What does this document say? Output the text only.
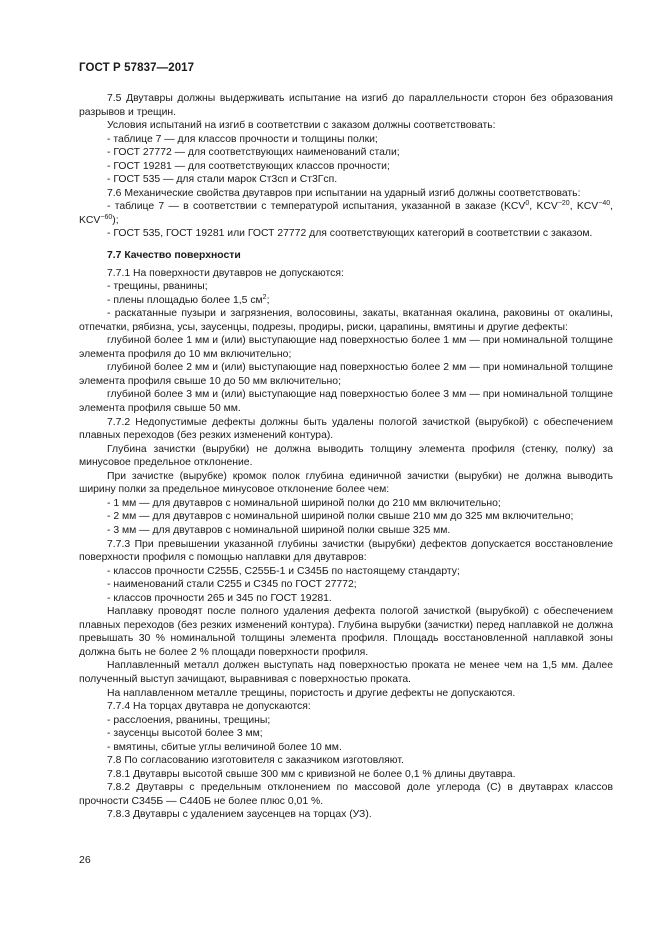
ГОСТ Р 57837—2017

7.5 Двутавры должны выдерживать испытание на изгиб до параллельности сторон без образования разрывов и трещин.

Условия испытаний на изгиб в соответствии с заказом должны соответствовать:

- таблице 7 — для классов прочности и толщины полки;

- ГОСТ 27772 — для соответствующих наименований стали;

- ГОСТ 19281 — для соответствующих классов прочности;

- ГОСТ 535 — для стали марок Ст3сп и Ст3Гсп.

7.6 Механические свойства двутавров при испытании на ударный изгиб должны соответствовать:

- таблице 7 — в соответствии с температурой испытания, указанной в заказе (KCV$^0$, $KCV^{-20}$, $KCV^{-40}$, $KCV^{-60}$);

- ГОСТ 535, ГОСТ 19281 или ГОСТ 27772 для соответствующих категорий в соответствии с заказом.

7.7 Качество поверхности

7.7.1 На поверхности двутавров не допускаются:

- трещины, рванины;

- плены площадью более 1,5 $см^2$;

- раскатанные пузыри и загрязнения, волосовины, закаты, вкатанная окалина, раковины от окалины, отпечатки, рябизна, усы, заусенцы, подрезы, продиры, риски, царапины, вмятины и другие дефекты:

глубиной более 1 мм и (или) выступающие над поверхностью более 1 мм — при номинальной толщине элемента профиля до 10 мм включительно;

глубиной более 2 мм и (или) выступающие над поверхностью более 2 мм — при номинальной толщине элемента профиля свыше 10 до 50 мм включительно;

глубиной более 3 мм и (или) выступающие над поверхностью более 3 мм — при номинальной толщине элемента профиля свыше 50 мм.

7.7.2 Недопустимые дефекты должны быть удалены пологой зачисткой (вырубкой) с обеспечением плавных переходов (без резких изменений контура).

Глубина зачистки (вырубки) не должна выводить толщину элемента профиля (стенку, полку) за минусовое предельное отклонение.

При зачистке (вырубке) кромок полок глубина единичной зачистки (вырубки) не должна выводить ширину полки за предельное минусовое отклонение более чем:

- 1 мм — для двутавров с номинальной шириной полки до 210 мм включительно;

- 2 мм — для двутавров с номинальной шириной полки свыше 210 мм до 325 мм включительно;

- 3 мм — для двутавров с номинальной шириной полки свыше 325 мм.

7.7.3 При превышении указанной глубины зачистки (вырубки) дефектов допускается восстановление поверхности профиля с помощью наплавки для двутавров:

- классов прочности С255Б, С255Б-1 и С345Б по настоящему стандарту;

- наименований стали С255 и С345 по ГОСТ 27772;

- классов прочности 265 и 345 по ГОСТ 19281.

Наплавку проводят после полного удаления дефекта пологой зачисткой (вырубкой) с обеспечением плавных переходов (без резких изменений контура). Глубина вырубки (зачистки) перед наплавкой не должна превышать 30 % номинальной толщины элемента профиля. Площадь восстановленной наплавкой зоны должна быть не более 2 % площади поверхности профиля.

Наплавленный металл должен выступать над поверхностью проката не менее чем на 1,5 мм. Далее полученный выступ зачищают, выравнивая с поверхностью проката.

На наплавленном металле трещины, пористость и другие дефекты не допускаются.

7.7.4 На торцах двутавра не допускаются:

- расслоения, рванины, трещины;

- заусенцы высотой более 3 мм;

- вмятины, сбитые углы величиной более 10 мм.

7.8 По согласованию изготовителя с заказчиком изготовляют.

7.8.1 Двутавры высотой свыше 300 мм с кривизной не более 0,1 % длины двутавра.

7.8.2 Двутавры с предельным отклонением по массовой доле углерода (С) в двутаврах классов прочности С345Б — С440Б не более плюс 0,01 %.

7.8.3 Двутавры с удалением заусенцев на торцах (УЗ).

26
